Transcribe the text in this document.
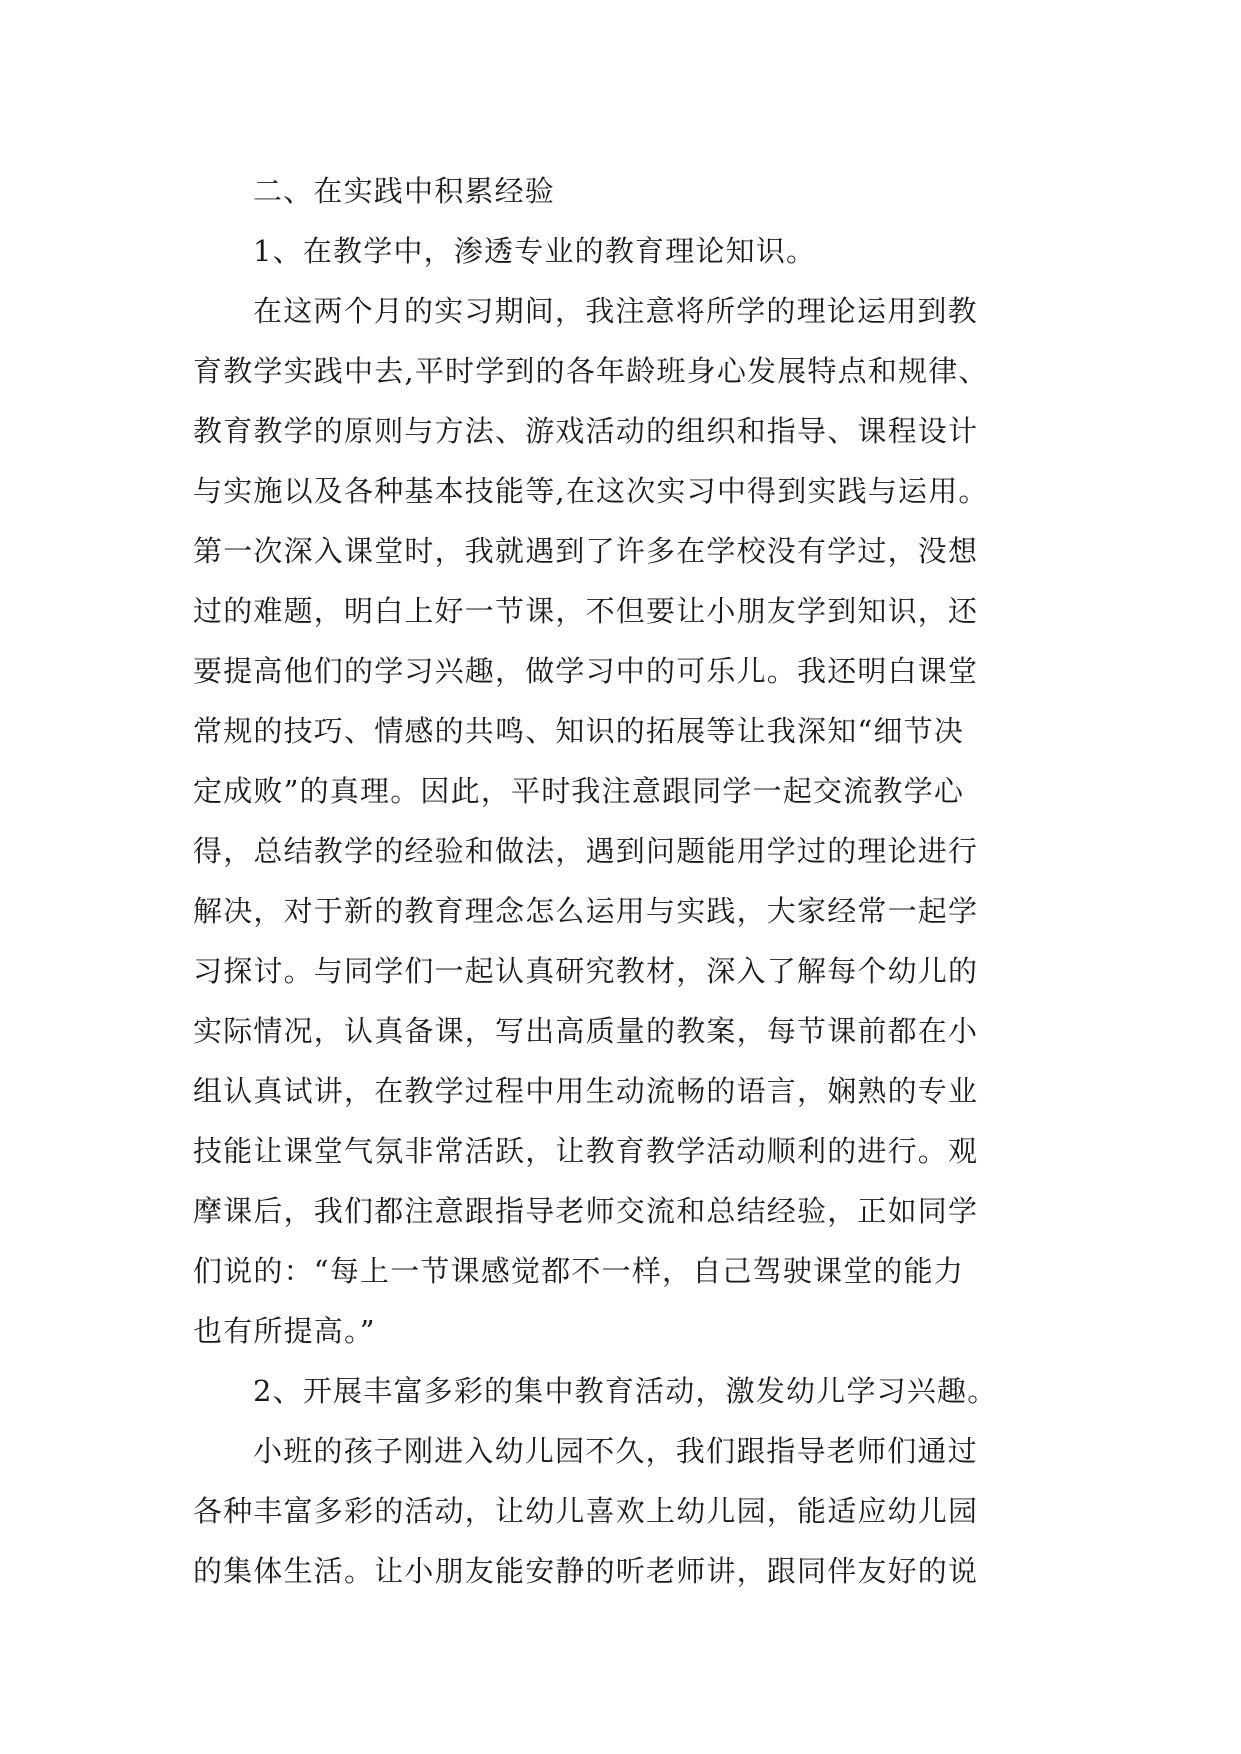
二、在实践中积累经验
1、在教学中，渗透专业的教育理论知识。
在这两个月的实习期间，我注意将所学的理论运用到教
育教学实践中去,平时学到的各年龄班身心发展特点和规律、
教育教学的原则与方法、游戏活动的组织和指导、课程设计
与实施以及各种基本技能等,在这次实习中得到实践与运用。
第一次深入课堂时，我就遇到了许多在学校没有学过，没想
过的难题，明白上好一节课，不但要让小朋友学到知识，还
要提高他们的学习兴趣，做学习中的可乐儿。我还明白课堂
常规的技巧、情感的共鸣、知识的拓展等让我深知“细节决
定成败”的真理。因此，平时我注意跟同学一起交流教学心
得，总结教学的经验和做法，遇到问题能用学过的理论进行
解决，对于新的教育理念怎么运用与实践，大家经常一起学
习探讨。与同学们一起认真研究教材，深入了解每个幼儿的
实际情况，认真备课，写出高质量的教案，每节课前都在小
组认真试讲，在教学过程中用生动流畅的语言，娴熟的专业
技能让课堂气氛非常活跃，让教育教学活动顺利的进行。观
摩课后，我们都注意跟指导老师交流和总结经验，正如同学
们说的：“每上一节课感觉都不一样，自己驾驶课堂的能力
也有所提高。”
2、开展丰富多彩的集中教育活动，激发幼儿学习兴趣。
小班的孩子刚进入幼儿园不久，我们跟指导老师们通过
各种丰富多彩的活动，让幼儿喜欢上幼儿园，能适应幼儿园
的集体生活。让小朋友能安静的听老师讲，跟同伴友好的说
